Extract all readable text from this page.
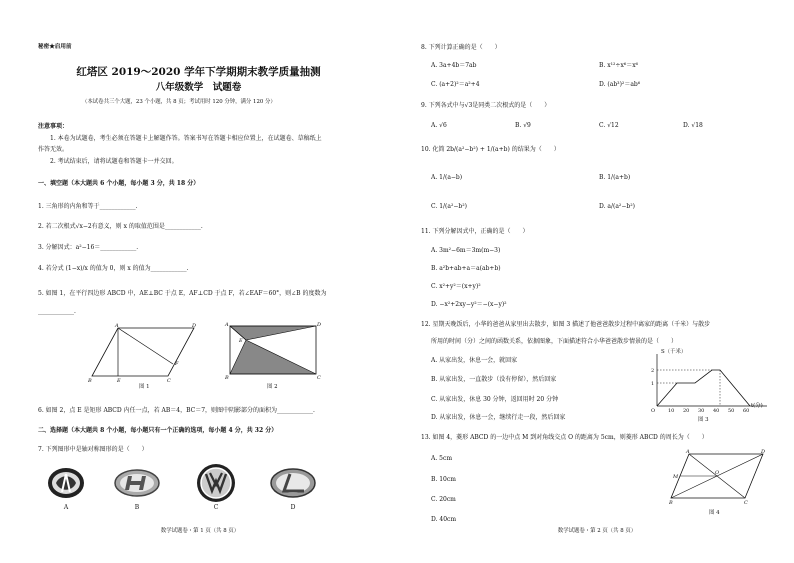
秘密★启用前
红塔区 2019～2020 学年下学期期末教学质量抽测
八年级数学　试题卷
（本试卷共三个大题，23 个小题，共 8 页；考试用时 120 分钟，满分 120 分）
注意事项：
1. 本卷为试题卷，考生必须在答题卡上解题作答。答案书写在答题卡相应位置上，在试题卷、草稿纸上
作答无效。
2. 考试结束后，请将试题卷和答题卡一并交回。
一、填空题（本大题共 6 个小题，每小题 3 分，共 18 分）
1. 三角形的内角和等于____________.
2. 若二次根式√x−2有意义，则 x 的取值范围是____________.
3. 分解因式：a²−16＝____________.
4. 若分式 (1−x)/x 的值为 0，则 x 的值为____________.
5. 如图 1，在平行四边形 ABCD 中，AE⊥BC 于点 E，AF⊥CD 于点 F，若∠EAF＝60°，则∠B 的度数为
____________.
A	D
B	E	C
F
图 1
A	D
B	C
E
图 2
6. 如图 2，点 E 是矩形 ABCD 内任一点，若 AB＝4，BC＝7，则图中阴影部分的面积为____________.
二、选择题（本大题共 8 个小题，每小题只有一个正确的选项，每小题 4 分，共 32 分）
7. 下列图形中是轴对称图形的是（　　）
A	B	C	D
数学试题卷・第 1 页（共 8 页）
8. 下列计算正确的是（　　）
A. 3a+4b＝7ab	B. x¹²÷x⁶＝x⁶
C. (a+2)²＝a²+4	D. (ab³)²＝ab⁶
9. 下列各式中与√3是同类二次根式的是（　　）
A. √6	B. √9	C. √12	D. √18
10. 化简 2b/(a²−b²) + 1/(a+b) 的结果为（　　）
A. 1/(a−b)	B. 1/(a+b)
C. 1/(a²−b²)	D. a/(a²−b²)
11. 下列分解因式中，正确的是（　　）
A. 3m²−6m＝3m(m−3)
B. a²b+ab+a＝a(ab+b)
C. x²+y²＝(x+y)²
D. −x²+2xy−y²＝−(x−y)²
12. 星期天晚饭后，小华的爸爸从家里出去散步，如图 3 描述了他爸爸散步过程中离家的距离（千米）与散步
所用的时间（分）之间的函数关系，依据图象，下面描述符合小华爸爸散步情景的是（　　）
A. 从家出发，休息一会，就回家
B. 从家出发，一直散步（没有停留），然后回家
C. 从家出发，休息 30 分钟，返回用时 20 分钟
D. 从家出发，休息一会，继续行走一段，然后回家
2
1
O	10 20 30 40 50 60
S（千米）
t(分)
图 3
13. 如图 4，菱形 ABCD 的一边中点 M 到对角线交点 O 的距离为 5cm，则菱形 ABCD 的周长为（　　）
A. 5cm
B. 10cm
C. 20cm
D. 40cm
A	D
B	C
M
O
图 4
数学试题卷・第 2 页（共 8 页）
